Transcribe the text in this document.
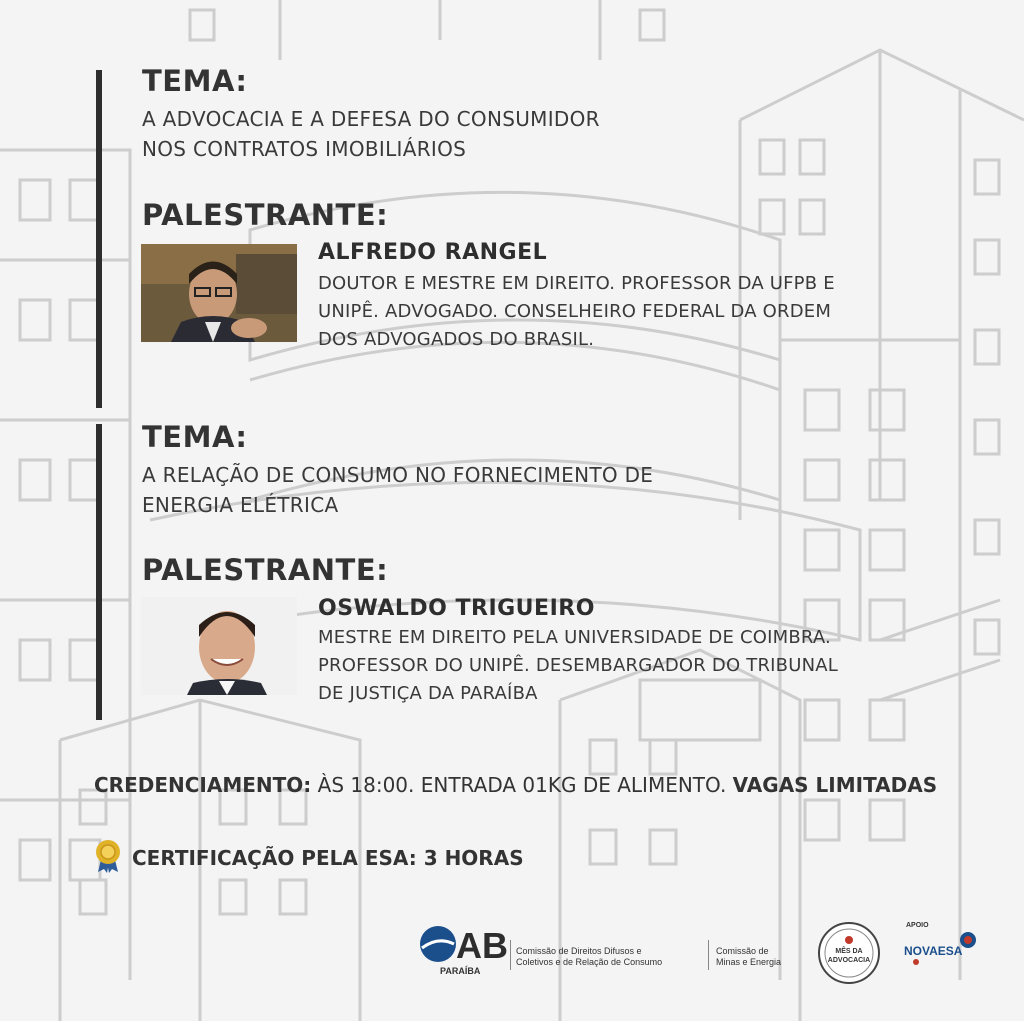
TEMA:
A ADVOCACIA E A DEFESA DO CONSUMIDOR
NOS CONTRATOS IMOBILIÁRIOS
PALESTRANTE:
ALFREDO RANGEL
DOUTOR E MESTRE EM DIREITO. PROFESSOR DA UFPB E
UNIPÊ. ADVOGADO. CONSELHEIRO FEDERAL DA ORDEM
DOS ADVOGADOS DO BRASIL.
TEMA:
A RELAÇÃO DE CONSUMO NO FORNECIMENTO DE
ENERGIA ELÉTRICA
PALESTRANTE:
OSWALDO TRIGUEIRO
MESTRE EM DIREITO PELA UNIVERSIDADE DE COIMBRA.
PROFESSOR DO UNIPÊ. DESEMBARGADOR DO TRIBUNAL
DE JUSTIÇA DA PARAÍBA
CREDENCIAMENTO: ÀS 18:00. ENTRADA 01KG DE ALIMENTO. VAGAS LIMITADAS
CERTIFICAÇÃO PELA ESA: 3 HORAS
AB
PARAÍBA
Comissão de Direitos Difusos e
Coletivos e de Relação de Consumo
Comissão de
Minas e Energia
MÊS DA
ADVOCACIA
APOIO
NOVAESA
